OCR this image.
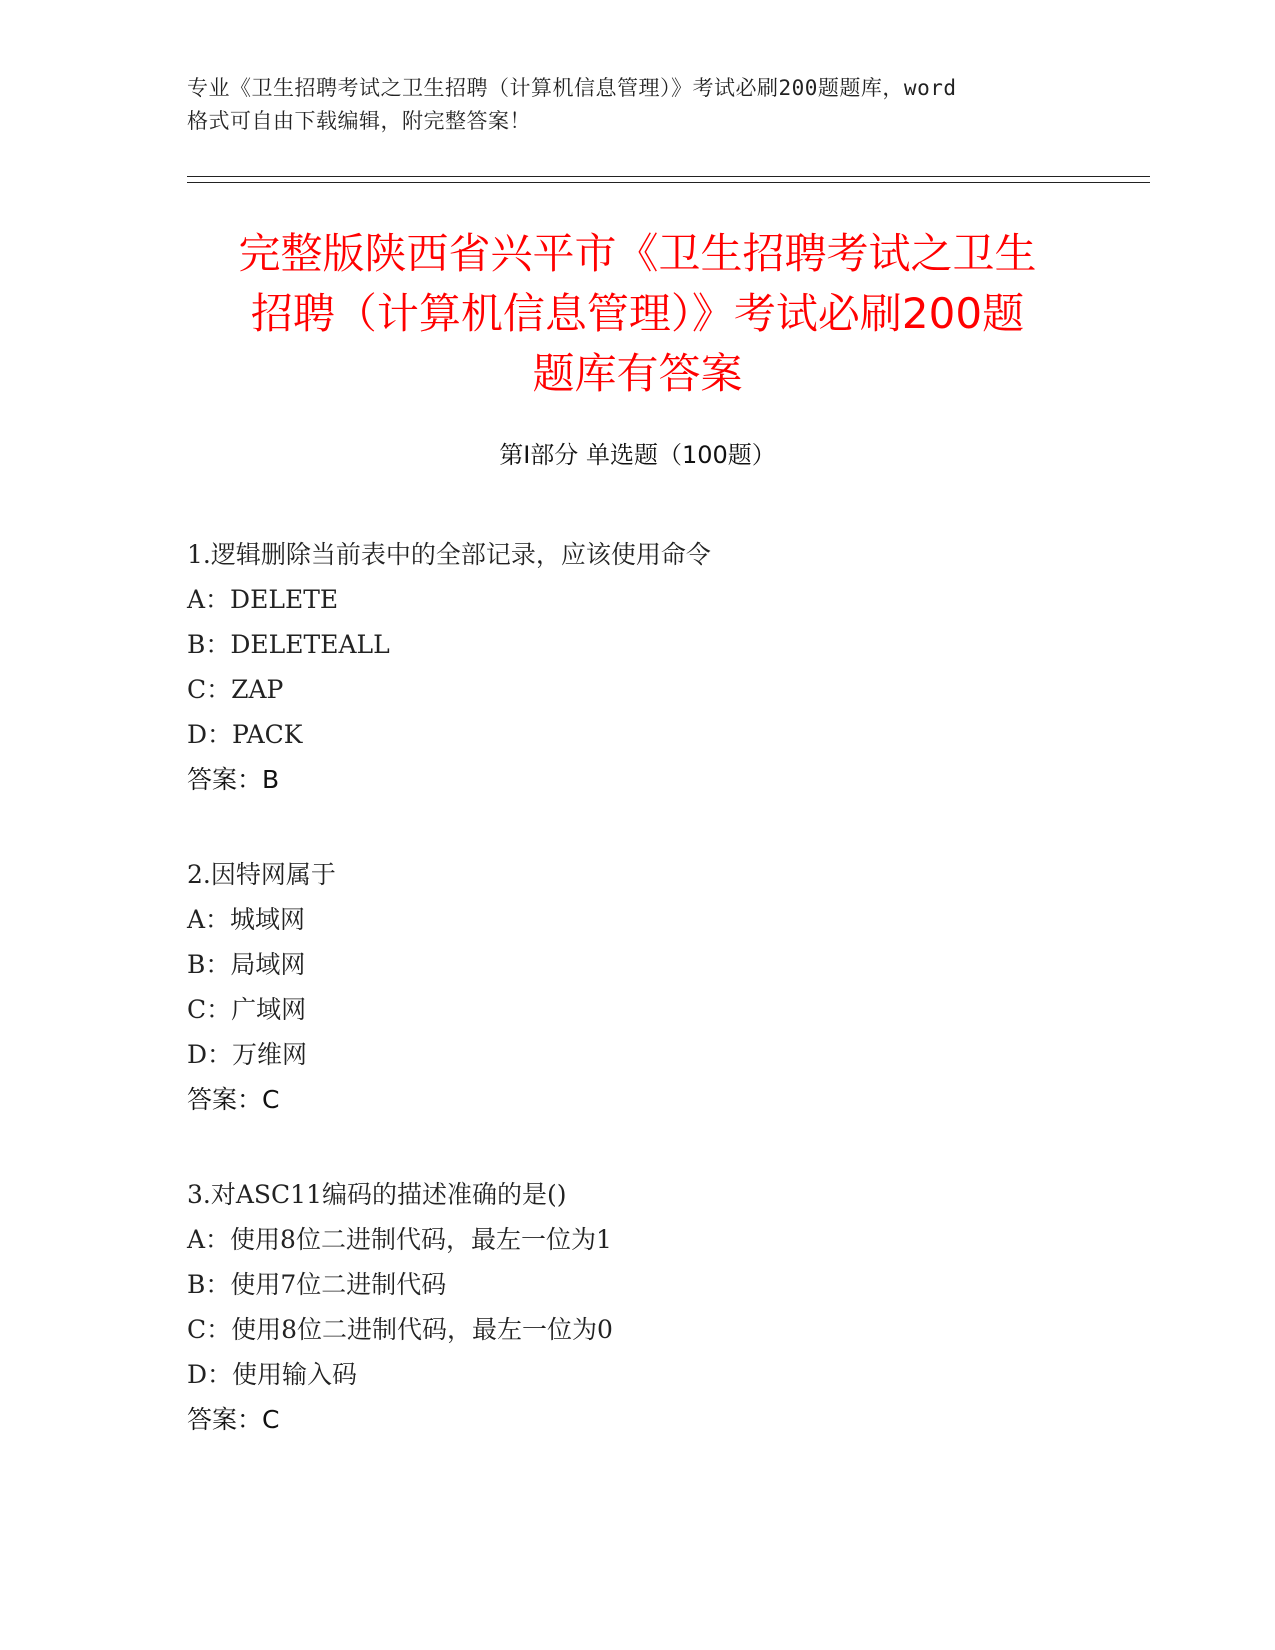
专业《卫生招聘考试之卫生招聘（计算机信息管理）》考试必刷200题题库，word
格式可自由下载编辑，附完整答案！
完整版陕西省兴平市《卫生招聘考试之卫生
招聘（计算机信息管理）》考试必刷200题
题库有答案
第Ⅰ部分 单选题（100题）
1.逻辑删除当前表中的全部记录，应该使用命令
A：DELETE
B：DELETEALL
C：ZAP
D：PACK
答案：B
2.因特网属于
A：城域网
B：局域网
C：广域网
D：万维网
答案：C
3.对ASC11编码的描述准确的是()
A：使用8位二进制代码，最左一位为1
B：使用7位二进制代码
C：使用8位二进制代码，最左一位为0
D：使用输入码
答案：C
